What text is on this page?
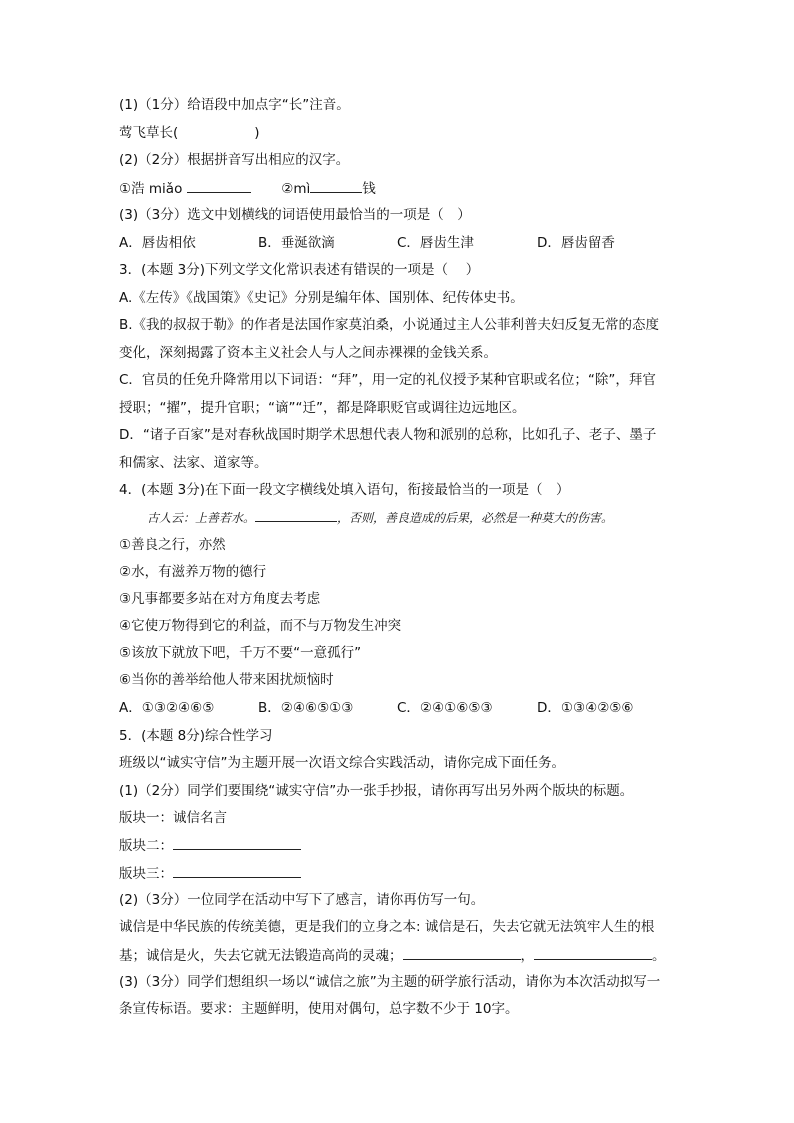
(1)（1分）给语段中加点字“长”注音。
莺飞草长(	)
(2)（2分）根据拼音写出相应的汉字。
①浩 miǎo	②mì	钱
(3)（3分）选文中划横线的词语使用最恰当的一项是（　）
A．唇齿相依	B．垂涎欲滴	C．唇齿生津	D．唇齿留香
3．(本题 3分)下列文学文化常识表述有错误的一项是（　 ）
A.《左传》《战国策》《史记》分别是编年体、国别体、纪传体史书。
B.《我的叔叔于勒》的作者是法国作家莫泊桑，小说通过主人公菲利普夫妇反复无常的态度
变化，深刻揭露了资本主义社会人与人之间赤裸裸的金钱关系。
C．官员的任免升降常用以下词语：“拜”，用一定的礼仪授予某种官职或名位；“除”，拜官
授职；“擢”，提升官职；“谪”“迁”，都是降职贬官或调往边远地区。
D．“诸子百家”是对春秋战国时期学术思想代表人物和派别的总称，比如孔子、老子、墨子
和儒家、法家、道家等。
4．(本题 3分)在下面一段文字横线处填入语句，衔接最恰当的一项是（　）
古人云：上善若水。	，否则，善良造成的后果，必然是一种莫大的伤害。
①善良之行，亦然
②水，有滋养万物的德行
③凡事都要多站在对方角度去考虑
④它使万物得到它的利益，而不与万物发生冲突
⑤该放下就放下吧，千万不要“一意孤行”
⑥当你的善举给他人带来困扰烦恼时
A．①③②④⑥⑤	B．②④⑥⑤①③	C．②④①⑥⑤③	D．①③④②⑤⑥
5．(本题 8分)综合性学习
班级以“诚实守信”为主题开展一次语文综合实践活动，请你完成下面任务。
(1)（2分）同学们要围绕“诚实守信”办一张手抄报，请你再写出另外两个版块的标题。
版块一：诚信名言
版块二：
版块三：
(2)（3分）一位同学在活动中写下了感言，请你再仿写一句。
诚信是中华民族的传统美德，更是我们的立身之本: 诚信是石，失去它就无法筑牢人生的根
基；诚信是火，失去它就无法锻造高尚的灵魂；	，	。
(3)（3分）同学们想组织一场以“诚信之旅”为主题的研学旅行活动，请你为本次活动拟写一
条宣传标语。要求：主题鲜明，使用对偶句，总字数不少于 10字。
